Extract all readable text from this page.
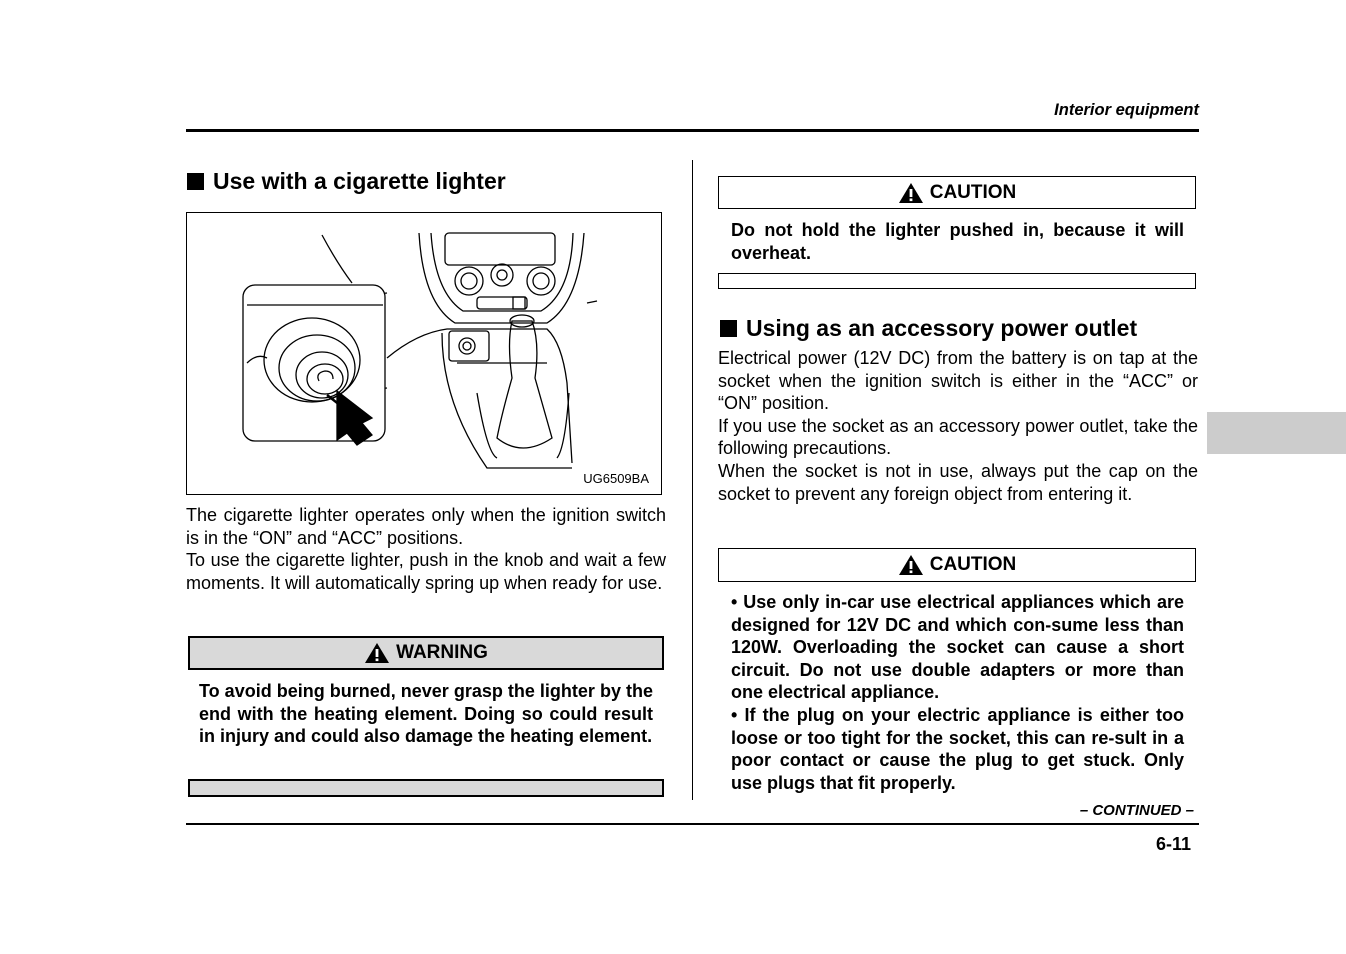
Interior equipment
Use with a cigarette lighter
UG6509BA

The cigarette lighter operates only when the ignition switch is in the “ON” and “ACC” positions.

To use the cigarette lighter, push in the knob and wait a few moments. It will automatically spring up when ready for use.

WARNING

To avoid being burned, never grasp the lighter by the end with the heating element. Doing so could result in injury and could also damage the heating element.

CAUTION

Do not hold the lighter pushed in, because it will overheat.

Using as an accessory power outlet

Electrical power (12V DC) from the battery is on tap at the socket when the ignition switch is either in the “ACC” or “ON” position.

If you use the socket as an accessory power outlet, take the following precautions.

When the socket is not in use, always put the cap on the socket to prevent any foreign object from entering it.

CAUTION

• Use only in-car use electrical appliances which are designed for 12V DC and which con-sume less than 120W. Overloading the socket can cause a short circuit. Do not use double adapters or more than one electrical appliance.

• If the plug on your electric appliance is either too loose or too tight for the socket, this can re-sult in a poor contact or cause the plug to get stuck. Only use plugs that fit properly.

– CONTINUED –
6-11
